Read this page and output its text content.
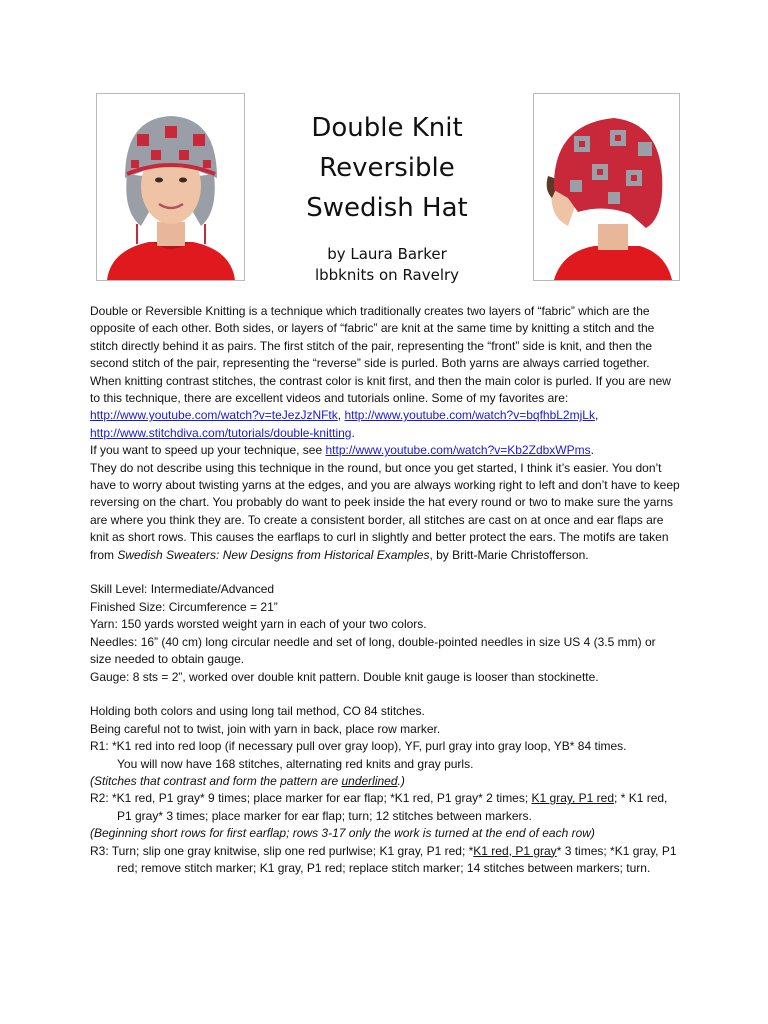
Double Knit
Reversible
Swedish Hat
by Laura Barker
lbbknits on Ravelry

Double or Reversible Knitting is a technique which traditionally creates two layers of “fabric” which are the opposite of each other. Both sides, or layers of “fabric” are knit at the same time by knitting a stitch and the stitch directly behind it as pairs. The first stitch of the pair, representing the “front” side is knit, and then the second stitch of the pair, representing the “reverse” side is purled. Both yarns are always carried together. When knitting contrast stitches, the contrast color is knit first, and then the main color is purled. If you are new to this technique, there are excellent videos and tutorials online. Some of my favorites are: http://www.youtube.com/watch?v=teJezJzNFtk, http://www.youtube.com/watch?v=bqfhbL2mjLk, http://www.stitchdiva.com/tutorials/double-knitting.

If you want to speed up your technique, see http://www.youtube.com/watch?v=Kb2ZdbxWPms.

They do not describe using this technique in the round, but once you get started, I think it’s easier. You don’t have to worry about twisting yarns at the edges, and you are always working right to left and don’t have to keep reversing on the chart. You probably do want to peek inside the hat every round or two to make sure the yarns are where you think they are. To create a consistent border, all stitches are cast on at once and ear flaps are knit as short rows. This causes the earflaps to curl in slightly and better protect the ears. The motifs are taken from Swedish Sweaters: New Designs from Historical Examples, by Britt-Marie Christofferson.

Skill Level: Intermediate/Advanced

Finished Size: Circumference = 21”

Yarn: 150 yards worsted weight yarn in each of your two colors.

Needles: 16” (40 cm) long circular needle and set of long, double-pointed needles in size US 4 (3.5 mm) or size needed to obtain gauge.

Gauge: 8 sts = 2”, worked over double knit pattern. Double knit gauge is looser than stockinette.

Holding both colors and using long tail method, CO 84 stitches.

Being careful not to twist, join with yarn in back, place row marker.

R1: *K1 red into red loop (if necessary pull over gray loop), YF, purl gray into gray loop, YB* 84 times.
You will now have 168 stitches, alternating red knits and gray purls.

(Stitches that contrast and form the pattern are underlined.)

R2: *K1 red, P1 gray* 9 times; place marker for ear flap; *K1 red, P1 gray* 2 times; K1 gray, P1 red; * K1 red, P1 gray* 3 times; place marker for ear flap; turn; 12 stitches between markers.

(Beginning short rows for first earflap; rows 3-17 only the work is turned at the end of each row)

R3: Turn; slip one gray knitwise, slip one red purlwise; K1 gray, P1 red; *K1 red, P1 gray* 3 times; *K1 gray, P1 red; remove stitch marker; K1 gray, P1 red; replace stitch marker; 14 stitches between markers; turn.
